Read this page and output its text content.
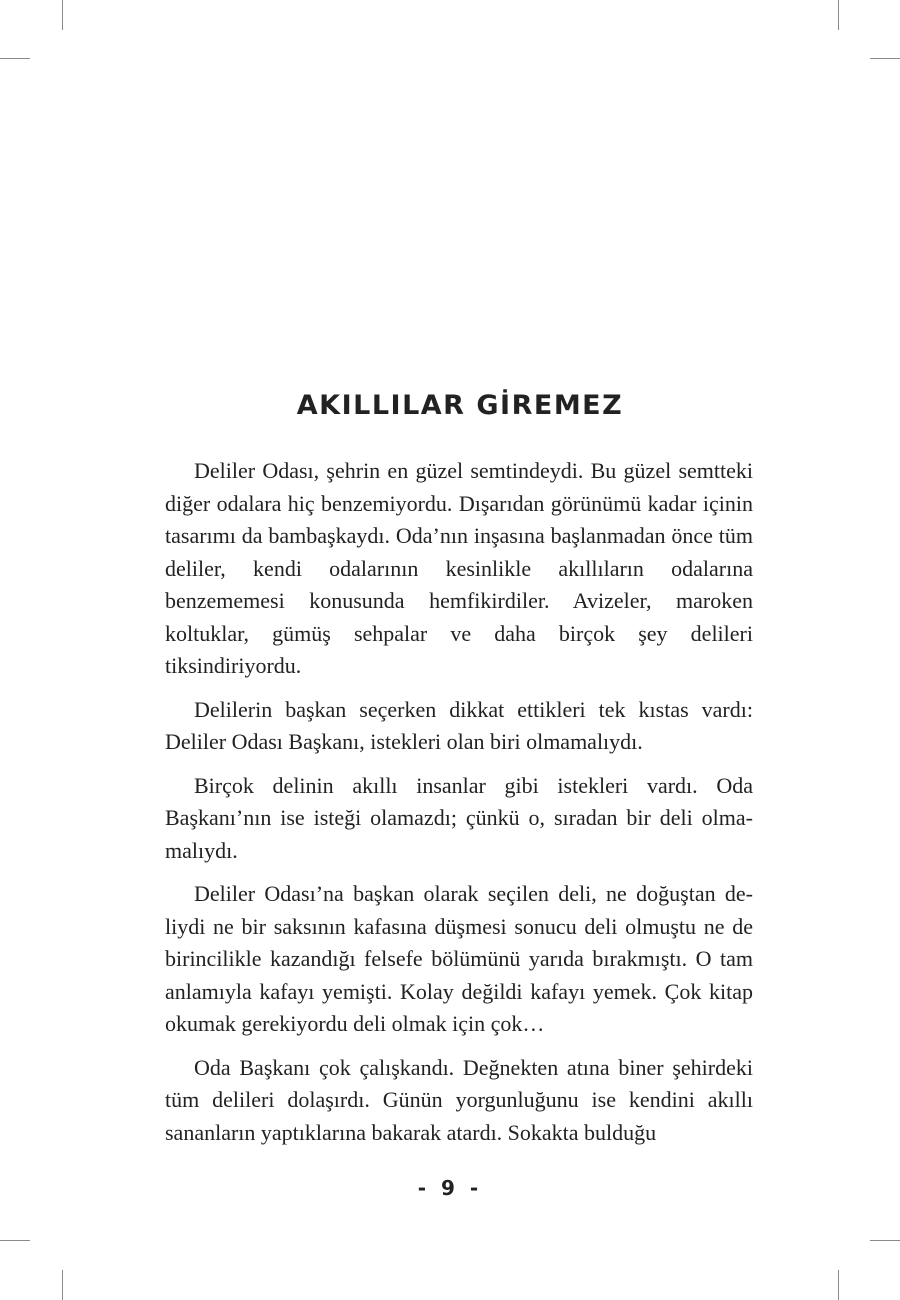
AKILLILAR GİREMEZ

Deliler Odası, şehrin en güzel semtindeydi. Bu güzel semtteki diğer odalara hiç benzemiyordu. Dışarıdan görünümü kadar içinin tasarımı da bambaşkaydı. Oda’nın inşasına başlanmadan önce tüm deliler, kendi odalarının kesinlikle akıllıların odalarına benzememesi konusunda hemfikirdiler. Avizeler, maroken koltuklar, gümüş sehpalar ve daha birçok şey delileri tiksindiriyordu.

Delilerin başkan seçerken dikkat ettikleri tek kıstas vardı: Deliler Odası Başkanı, istekleri olan biri olmamalıydı.

Birçok delinin akıllı insanlar gibi istekleri vardı. Oda Başkanı’nın ise isteği olamazdı; çünkü o, sıradan bir deli olmamalıydı.

Deliler Odası’na başkan olarak seçilen deli, ne doğuştan deliydi ne bir saksının kafasına düşmesi sonucu deli olmuştu ne de birincilikle kazandığı felsefe bölümünü yarıda bırakmıştı. O tam anlamıyla kafayı yemişti. Kolay değildi kafayı yemek. Çok kitap okumak gerekiyordu deli olmak için çok…

Oda Başkanı çok çalışkandı. Değnekten atına biner şehirdeki tüm delileri dolaşırdı. Günün yorgunluğunu ise kendini akıllı sananların yaptıklarına bakarak atardı. Sokakta bulduğu

- 9 -
